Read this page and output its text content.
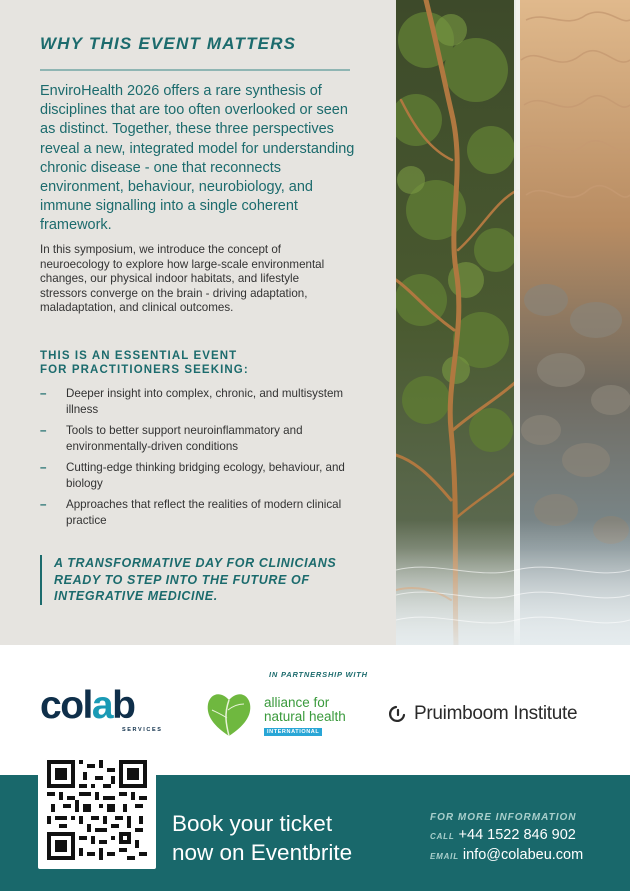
WHY THIS EVENT MATTERS

EnviroHealth 2026 offers a rare synthesis of disciplines that are too often overlooked or seen as distinct. Together, these three perspectives reveal a new, integrated model for understanding chronic disease - one that reconnects environment, behaviour, neurobiology, and immune signalling into a single coherent framework.

In this symposium, we introduce the concept of neuroecology to explore how large-scale environmental changes, our physical indoor habitats, and lifestyle stressors converge on the brain - driving adaptation, maladaptation, and clinical outcomes.

THIS IS AN ESSENTIAL EVENT
FOR PRACTITIONERS SEEKING:
– Deeper insight into complex, chronic, and multisystem illness
– Tools to better support neuroinflammatory and environmentally-driven conditions
– Cutting-edge thinking bridging ecology, behaviour, and biology
– Approaches that reflect the realities of modern clinical practice
A TRANSFORMATIVE DAY FOR CLINICIANS READY TO STEP INTO THE FUTURE OF INTEGRATIVE MEDICINE.
IN PARTNERSHIP WITH
colab
SERVICES
alliance for
natural health
INTERNATIONAL
Pruimboom Institute
Book your ticket
now on Eventbrite
FOR MORE INFORMATION
CALL +44 1522 846 902
EMAIL info@colabeu.com
